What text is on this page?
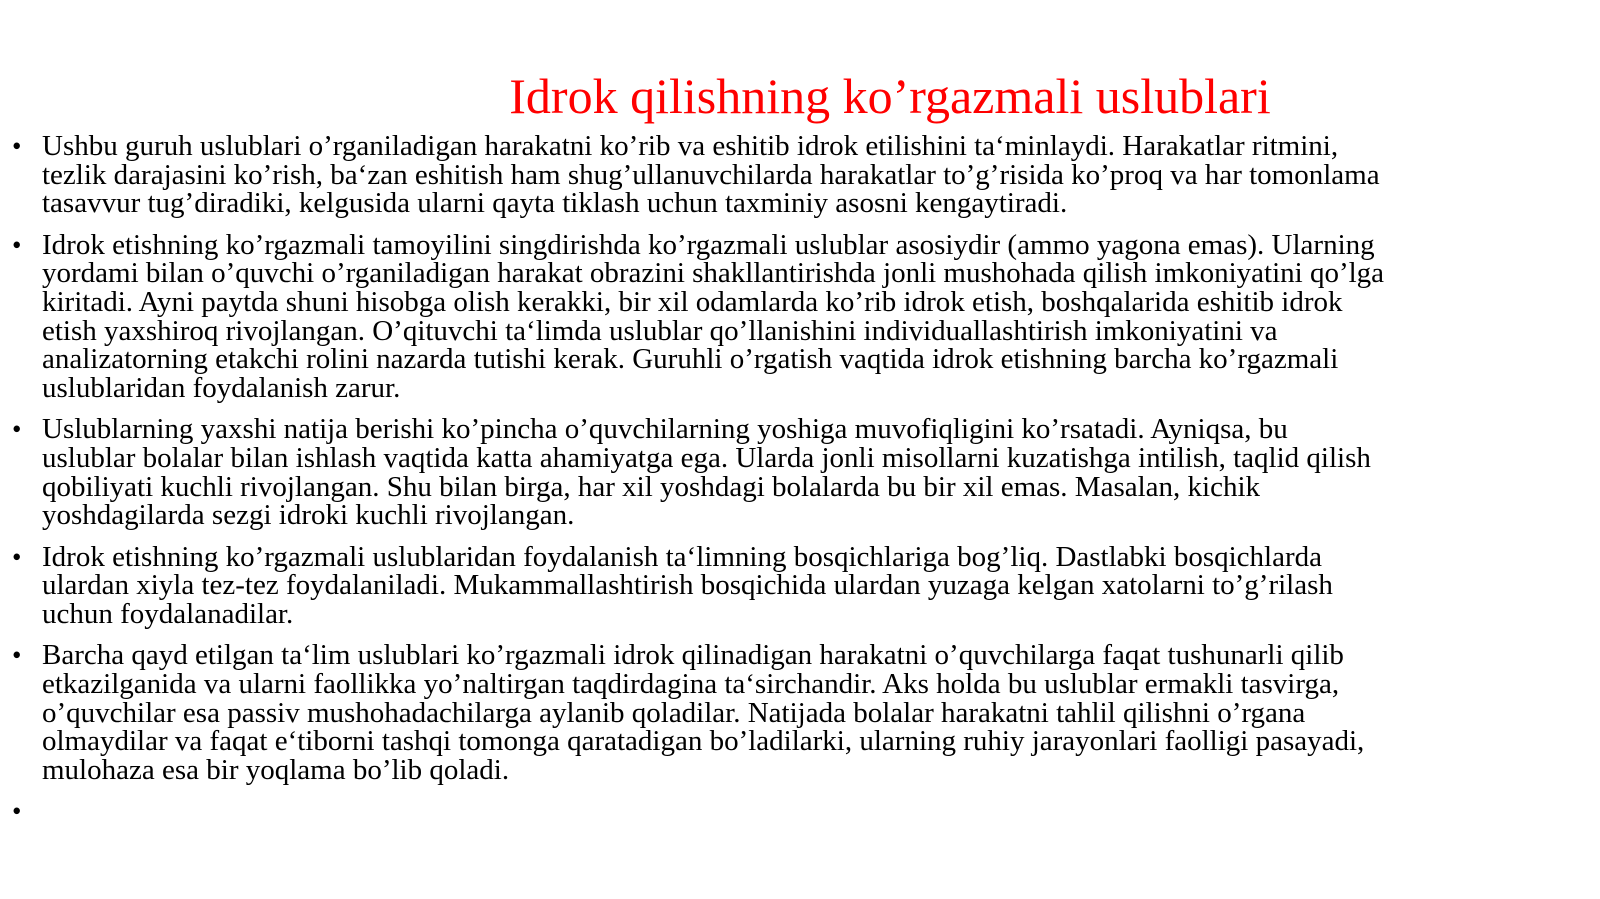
Idrok qilishning ko’rgazmali uslublari
• Ushbu guruh uslublari o’rganiladigan harakatni ko’rib va eshitib idrok etilishini ta‘minlaydi. Harakatlar ritmini,
tezlik darajasini ko’rish, ba‘zan eshitish ham shug’ullanuvchilarda harakatlar to’g’risida ko’proq va har tomonlama
tasavvur tug’diradiki, kelgusida ularni qayta tiklash uchun taxminiy asosni kengaytiradi.
• Idrok etishning ko’rgazmali tamoyilini singdirishda ko’rgazmali uslublar asosiydir (ammo yagona emas). Ularning
yordami bilan o’quvchi o’rganiladigan harakat obrazini shakllantirishda jonli mushohada qilish imkoniyatini qo’lga
kiritadi. Ayni paytda shuni hisobga olish kerakki, bir xil odamlarda ko’rib idrok etish, boshqalarida eshitib idrok
etish yaxshiroq rivojlangan. O’qituvchi ta‘limda uslublar qo’llanishini individuallashtirish imkoniyatini va
analizatorning etakchi rolini nazarda tutishi kerak. Guruhli o’rgatish vaqtida idrok etishning barcha ko’rgazmali
uslublaridan foydalanish zarur.
• Uslublarning yaxshi natija berishi ko’pincha o’quvchilarning yoshiga muvofiqligini ko’rsatadi. Ayniqsa, bu
uslublar bolalar bilan ishlash vaqtida katta ahamiyatga ega. Ularda jonli misollarni kuzatishga intilish, taqlid qilish
qobiliyati kuchli rivojlangan. Shu bilan birga, har xil yoshdagi bolalarda bu bir xil emas. Masalan, kichik
yoshdagilarda sezgi idroki kuchli rivojlangan.
• Idrok etishning ko’rgazmali uslublaridan foydalanish ta‘limning bosqichlariga bog’liq. Dastlabki bosqichlarda
ulardan xiyla tez-tez foydalaniladi. Mukammallashtirish bosqichida ulardan yuzaga kelgan xatolarni to’g’rilash
uchun foydalanadilar.
• Barcha qayd etilgan ta‘lim uslublari ko’rgazmali idrok qilinadigan harakatni o’quvchilarga faqat tushunarli qilib
etkazilganida va ularni faollikka yo’naltirgan taqdirdagina ta‘sirchandir. Aks holda bu uslublar ermakli tasvirga,
o’quvchilar esa passiv mushohadachilarga aylanib qoladilar. Natijada bolalar harakatni tahlil qilishni o’rgana
olmaydilar va faqat e‘tiborni tashqi tomonga qaratadigan bo’ladilarki, ularning ruhiy jarayonlari faolligi pasayadi,
mulohaza esa bir yoqlama bo’lib qoladi.
•
